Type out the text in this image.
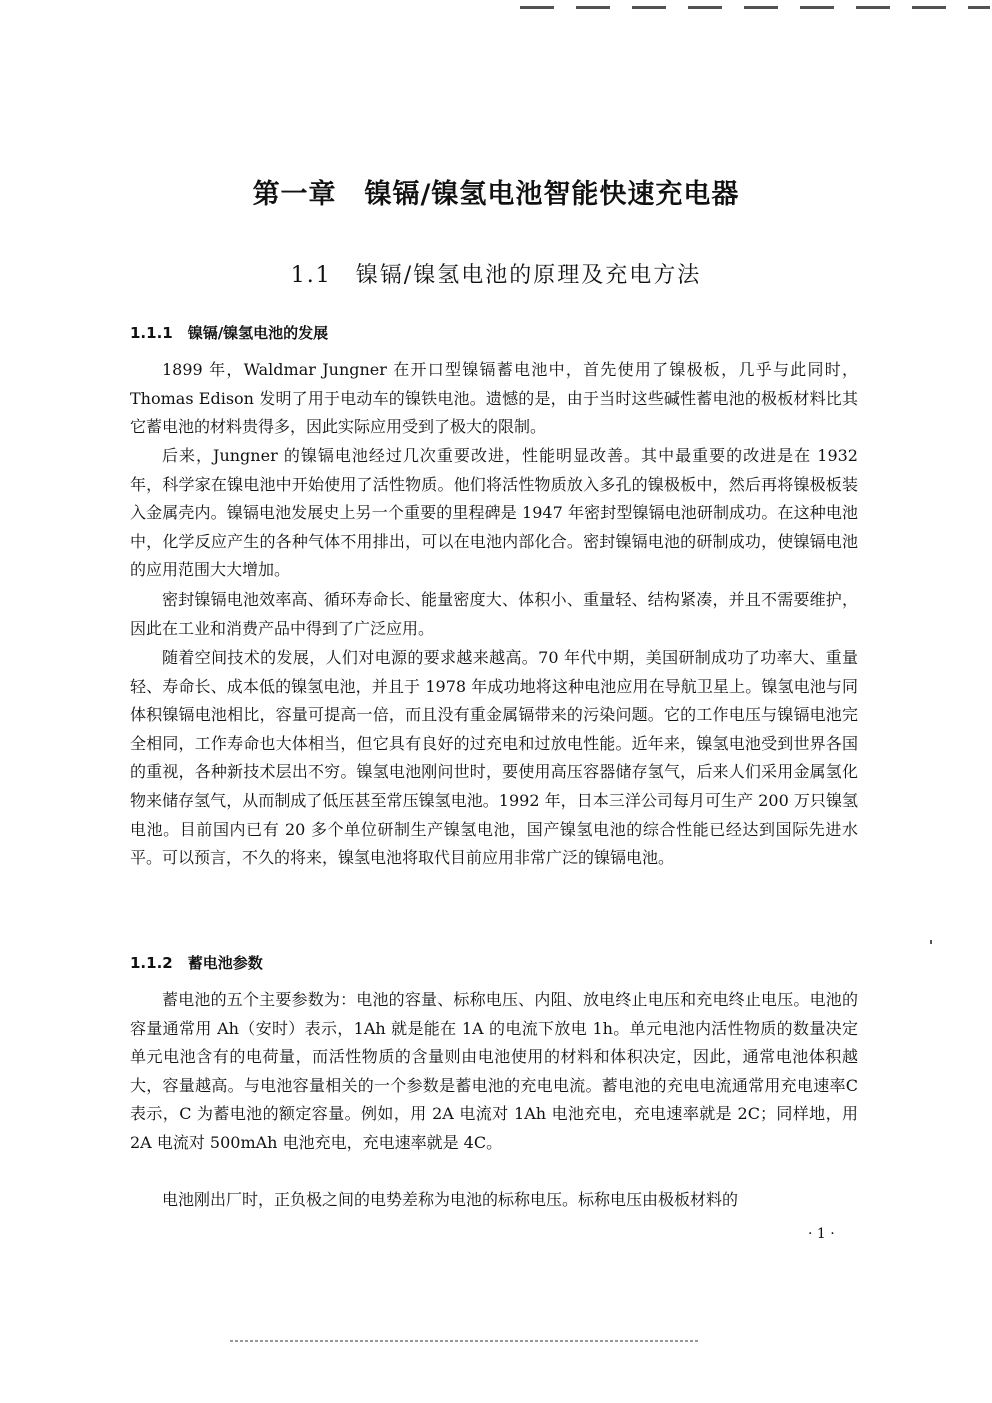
第一章　镍镉/镍氢电池智能快速充电器
1.1　镍镉/镍氢电池的原理及充电方法
1.1.1　镍镉/镍氢电池的发展

1899 年，Waldmar Jungner 在开口型镍镉蓄电池中，首先使用了镍极板，几乎与此同时，Thomas Edison 发明了用于电动车的镍铁电池。遗憾的是，由于当时这些碱性蓄电池的极板材料比其它蓄电池的材料贵得多，因此实际应用受到了极大的限制。

后来，Jungner 的镍镉电池经过几次重要改进，性能明显改善。其中最重要的改进是在 1932 年，科学家在镍电池中开始使用了活性物质。他们将活性物质放入多孔的镍极板中，然后再将镍极板装入金属壳内。镍镉电池发展史上另一个重要的里程碑是 1947 年密封型镍镉电池研制成功。在这种电池中，化学反应产生的各种气体不用排出，可以在电池内部化合。密封镍镉电池的研制成功，使镍镉电池的应用范围大大增加。

密封镍镉电池效率高、循环寿命长、能量密度大、体积小、重量轻、结构紧凑，并且不需要维护，因此在工业和消费产品中得到了广泛应用。

随着空间技术的发展，人们对电源的要求越来越高。70 年代中期，美国研制成功了功率大、重量轻、寿命长、成本低的镍氢电池，并且于 1978 年成功地将这种电池应用在导航卫星上。镍氢电池与同体积镍镉电池相比，容量可提高一倍，而且没有重金属镉带来的污染问题。它的工作电压与镍镉电池完全相同，工作寿命也大体相当，但它具有良好的过充电和过放电性能。近年来，镍氢电池受到世界各国的重视，各种新技术层出不穷。镍氢电池刚问世时，要使用高压容器储存氢气，后来人们采用金属氢化物来储存氢气，从而制成了低压甚至常压镍氢电池。1992 年，日本三洋公司每月可生产 200 万只镍氢电池。目前国内已有 20 多个单位研制生产镍氢电池，国产镍氢电池的综合性能已经达到国际先进水平。可以预言，不久的将来，镍氢电池将取代目前应用非常广泛的镍镉电池。

1.1.2　蓄电池参数

蓄电池的五个主要参数为：电池的容量、标称电压、内阻、放电终止电压和充电终止电压。电池的容量通常用 Ah（安时）表示，1Ah 就是能在 1A 的电流下放电 1h。单元电池内活性物质的数量决定单元电池含有的电荷量，而活性物质的含量则由电池使用的材料和体积决定，因此，通常电池体积越大，容量越高。与电池容量相关的一个参数是蓄电池的充电电流。蓄电池的充电电流通常用充电速率C 表示，C 为蓄电池的额定容量。例如，用 2A 电流对 1Ah 电池充电，充电速率就是 2C；同样地，用 2A 电流对 500mAh 电池充电，充电速率就是 4C。

电池刚出厂时，正负极之间的电势差称为电池的标称电压。标称电压由极板材料的

· 1 ·
